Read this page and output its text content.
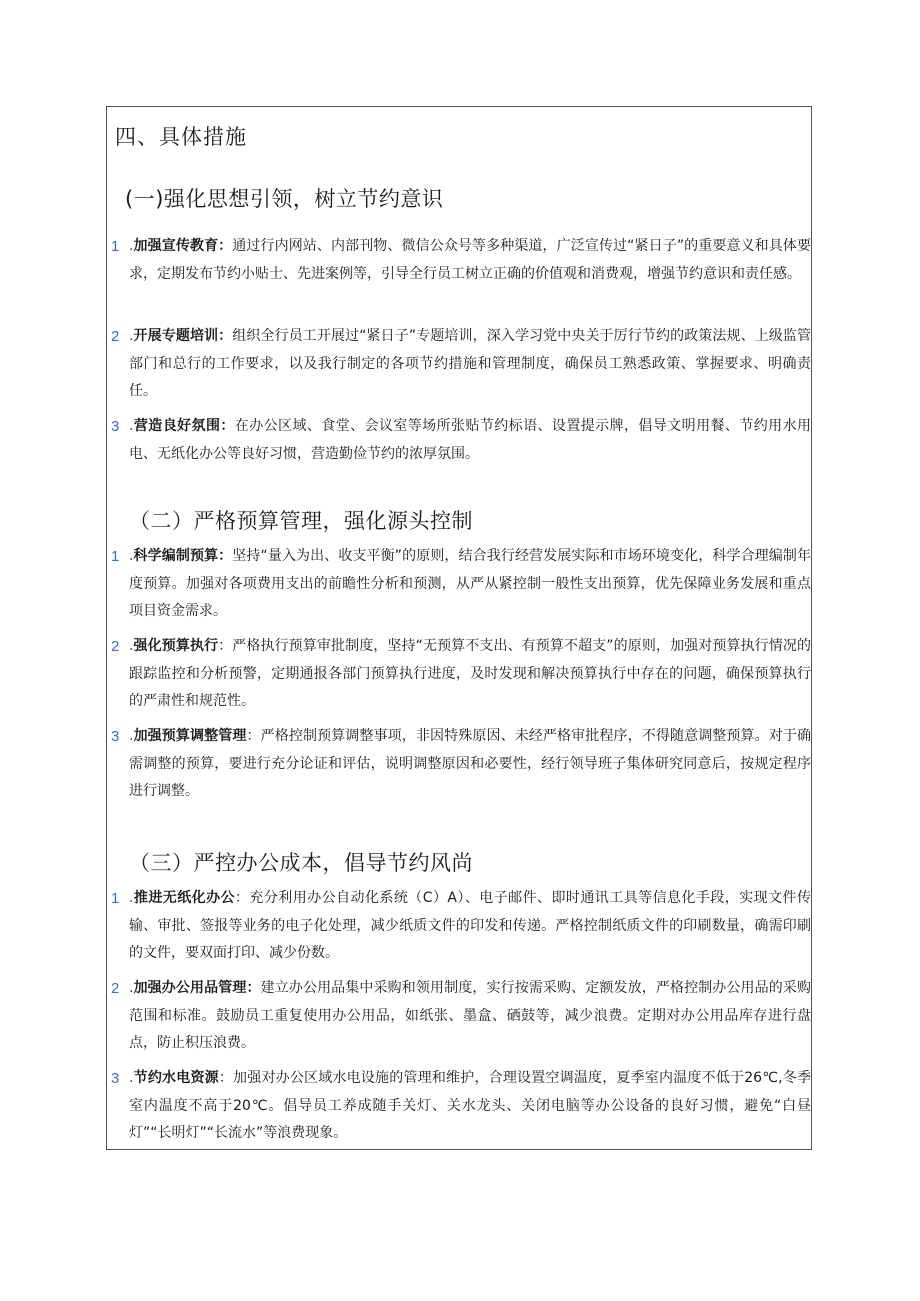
四、具体措施
(一)强化思想引领，树立节约意识

1 .加强宣传教育：通过行内网站、内部刊物、微信公众号等多种渠道，广泛宣传过“紧日子”的重要意义和具体要求，定期发布节约小贴士、先进案例等，引导全行员工树立正确的价值观和消费观，增强节约意识和责任感。

2 .开展专题培训：组织全行员工开展过“紧日子”专题培训，深入学习党中央关于厉行节约的政策法规、上级监管部门和总行的工作要求，以及我行制定的各项节约措施和管理制度，确保员工熟悉政策、掌握要求、明确责任。

3 .营造良好氛围：在办公区域、食堂、会议室等场所张贴节约标语、设置提示牌，倡导文明用餐、节约用水用电、无纸化办公等良好习惯，营造勤俭节约的浓厚氛围。

（二）严格预算管理，强化源头控制

1 .科学编制预算：坚持“量入为出、收支平衡”的原则，结合我行经营发展实际和市场环境变化，科学合理编制年度预算。加强对各项费用支出的前瞻性分析和预测，从严从紧控制一般性支出预算，优先保障业务发展和重点项目资金需求。

2 .强化预算执行：严格执行预算审批制度，坚持“无预算不支出、有预算不超支”的原则，加强对预算执行情况的跟踪监控和分析预警，定期通报各部门预算执行进度，及时发现和解决预算执行中存在的问题，确保预算执行的严肃性和规范性。

3 .加强预算调整管理：严格控制预算调整事项，非因特殊原因、未经严格审批程序，不得随意调整预算。对于确需调整的预算，要进行充分论证和评估，说明调整原因和必要性，经行领导班子集体研究同意后，按规定程序进行调整。

（三）严控办公成本，倡导节约风尚

1 .推进无纸化办公：充分利用办公自动化系统（C）A）、电子邮件、即时通讯工具等信息化手段，实现文件传输、审批、签报等业务的电子化处理，减少纸质文件的印发和传递。严格控制纸质文件的印刷数量，确需印刷的文件，要双面打印、减少份数。

2 .加强办公用品管理：建立办公用品集中采购和领用制度，实行按需采购、定额发放，严格控制办公用品的采购范围和标准。鼓励员工重复使用办公用品，如纸张、墨盒、硒鼓等，减少浪费。定期对办公用品库存进行盘点，防止积压浪费。

3 .节约水电资源：加强对办公区域水电设施的管理和维护，合理设置空调温度，夏季室内温度不低于26℃,冬季室内温度不高于20℃。倡导员工养成随手关灯、关水龙头、关闭电脑等办公设备的良好习惯，避免“白昼灯”“长明灯”“长流水”等浪费现象。
